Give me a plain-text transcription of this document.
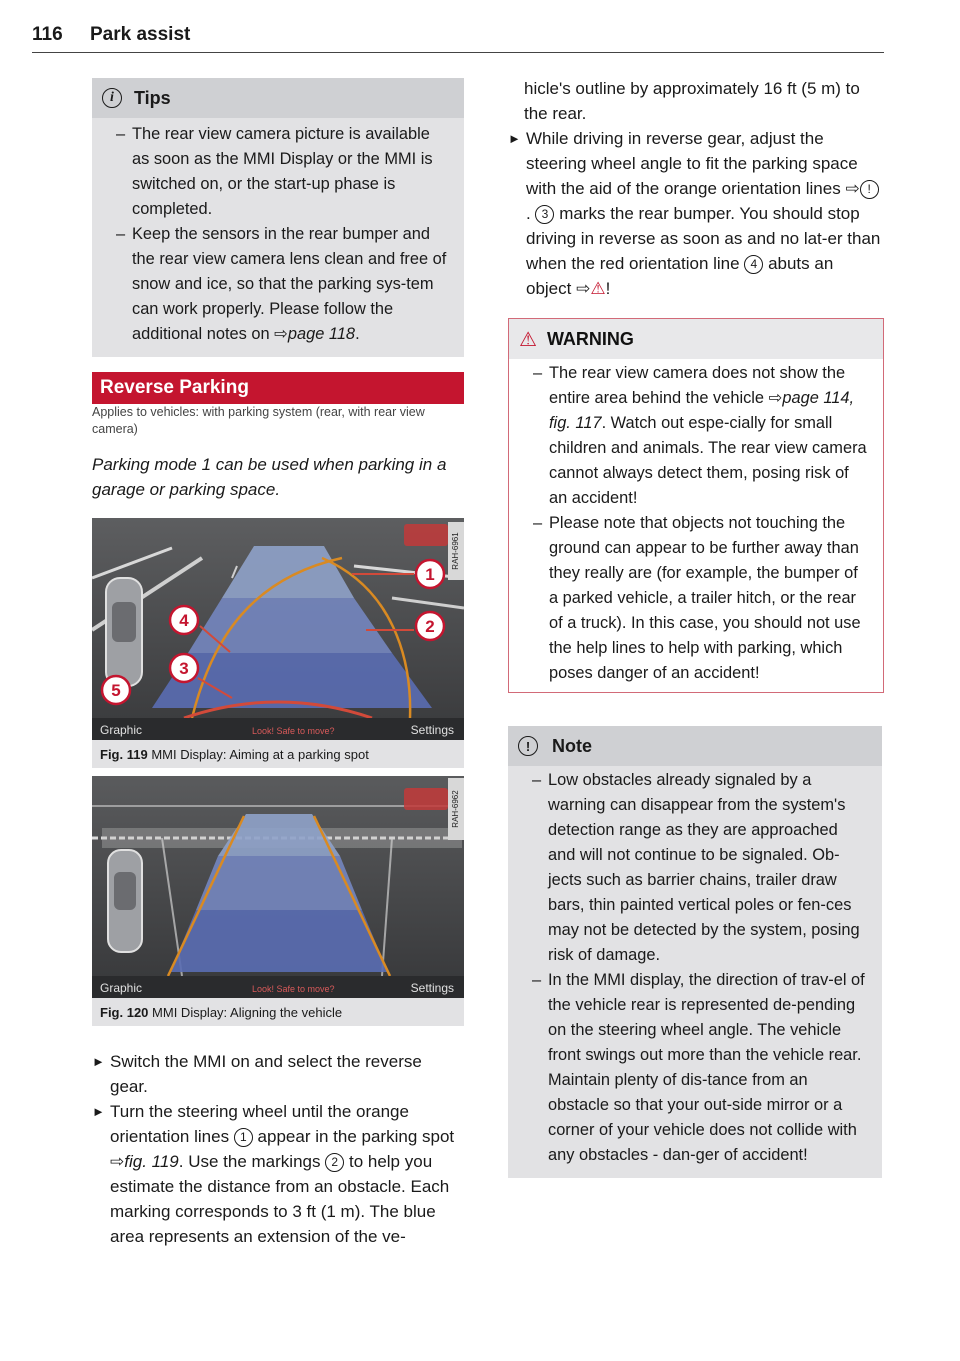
116 Park assist
i	Tips
– The rear view camera picture is available as soon as the MMI Display or the MMI is switched on, or the start-up phase is completed.
– Keep the sensors in the rear bumper and the rear view camera lens clean and free of snow and ice, so that the parking sys-tem can work properly. Please follow the additional notes on ⇨page 118.
Reverse Parking
Applies to vehicles: with parking system (rear, with rear view camera)
Parking mode 1 can be used when parking in a garage or parking space.
RAH-6961
1
2
3
4
5
Graphic	Look! Safe to move?	Settings
Fig. 119 MMI Display: Aiming at a parking spot
RAH-6962
Graphic	Look! Safe to move?	Settings
Fig. 120 MMI Display: Aligning the vehicle
► Switch the MMI on and select the reverse gear.
► Turn the steering wheel until the orange orientation lines 1 appear in the parking spot ⇨fig. 119. Use the markings 2 to help you estimate the distance from an obstacle. Each marking corresponds to 3 ft (1 m). The blue area represents an extension of the ve-
hicle's outline by approximately 16 ft (5 m) to the rear.
► While driving in reverse gear, adjust the steering wheel angle to fit the parking space with the aid of the orange orientation lines ⇨ !. 3 marks the rear bumper. You should stop driving in reverse as soon as and no lat-er than when the red orientation line 4 abuts an object ⇨⚠!
⚠ WARNING
– The rear view camera does not show the entire area behind the vehicle ⇨page 114, fig. 117. Watch out espe-cially for small children and animals. The rear view camera cannot always detect them, posing risk of an accident!
– Please note that objects not touching the ground can appear to be further away than they really are (for example, the bumper of a parked vehicle, a trailer hitch, or the rear of a truck). In this case, you should not use the help lines to help with parking, which poses danger of an accident!
!	Note
– Low obstacles already signaled by a warning can disappear from the system's detection range as they are approached and will not continue to be signaled. Ob-jects such as barrier chains, trailer draw bars, thin painted vertical poles or fen-ces may not be detected by the system, posing risk of damage.
– In the MMI display, the direction of trav-el of the vehicle rear is represented de-pending on the steering wheel angle. The vehicle front swings out more than the vehicle rear. Maintain plenty of dis-tance from an obstacle so that your out-side mirror or a corner of your vehicle does not collide with any obstacles - dan-ger of accident!
